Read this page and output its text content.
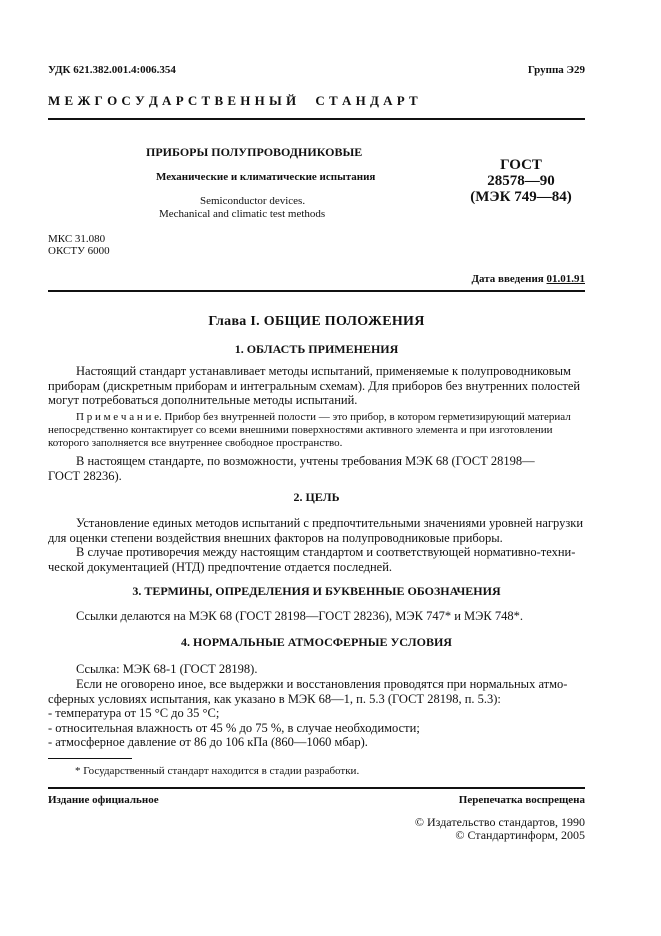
УДК 621.382.001.4:006.354	Группа Э29
М Е Ж Г О С У Д А Р С Т В Е Н Н Ы Й     С Т А Н Д А Р Т
ПРИБОРЫ ПОЛУПРОВОДНИКОВЫЕ
Механические и климатические испытания
Semiconductor devices.
Mechanical and climatic test methods
ГОСТ
28578—90
(МЭК 749—84)
МКС 31.080
ОКСТУ 6000
Дата введения 01.01.91
Глава I. ОБЩИЕ ПОЛОЖЕНИЯ
1. ОБЛАСТЬ ПРИМЕНЕНИЯ
Настоящий стандарт устанавливает методы испытаний, применяемые к полупроводниковым
приборам (дискретным приборам и интегральным схемам). Для приборов без внутренних полостей
могут потребоваться дополнительные методы испытаний.
П р и м е ч а н и е. Прибор без внутренней полости — это прибор, в котором герметизирующий материал
непосредственно контактирует со всеми внешними поверхностями активного элемента и при изготовлении
которого заполняется все внутреннее свободное пространство.
В настоящем стандарте, по возможности, учтены требования МЭК 68 (ГОСТ 28198—
ГОСТ 28236).
2. ЦЕЛЬ
Установление единых методов испытаний с предпочтительными значениями уровней нагрузки
для оценки степени воздействия внешних факторов на полупроводниковые приборы.
В случае противоречия между настоящим стандартом и соответствующей нормативно-техни-
ческой документацией (НТД) предпочтение отдается последней.
3. ТЕРМИНЫ, ОПРЕДЕЛЕНИЯ И БУКВЕННЫЕ ОБОЗНАЧЕНИЯ
Ссылки делаются на МЭК 68 (ГОСТ 28198—ГОСТ 28236), МЭК 747* и МЭК 748*.
4. НОРМАЛЬНЫЕ АТМОСФЕРНЫЕ УСЛОВИЯ
Ссылка: МЭК 68-1 (ГОСТ 28198).
Если не оговорено иное, все выдержки и восстановления проводятся при нормальных атмо-
сферных условиях испытания, как указано в МЭК 68—1, п. 5.3 (ГОСТ 28198, п. 5.3):
- температура от 15 °С до 35 °С;
- относительная влажность от 45 % до 75 %, в случае необходимости;
- атмосферное давление от 86 до 106 кПа (860—1060 мбар).
* Государственный стандарт находится в стадии разработки.
Издание официальное	Перепечатка воспрещена
© Издательство стандартов, 1990
© Стандартинформ, 2005
